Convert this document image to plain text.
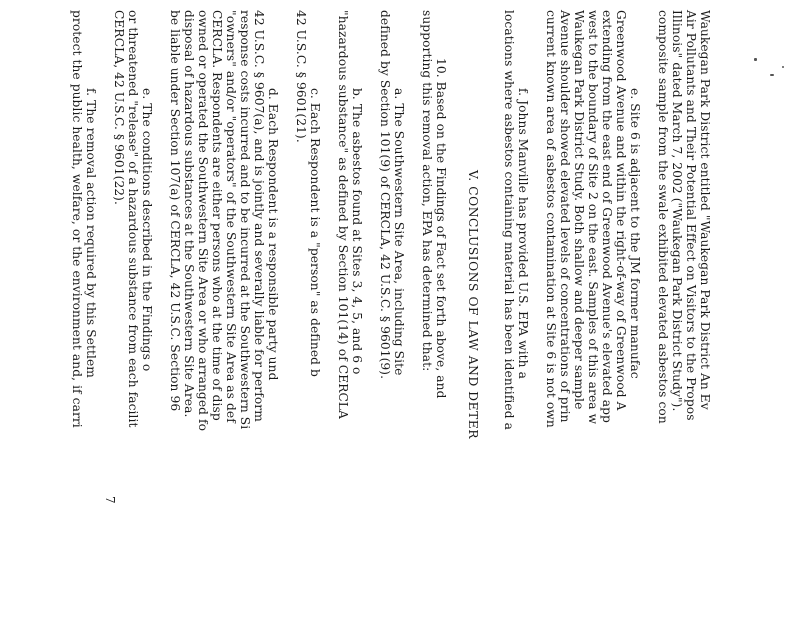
Waukegan Park District entitled "Waukegan Park District An Ev
Air Pollutants and Their Potential Effect on Visitors to the Propos
Illinois" dated March 7, 2002 ("Waukegan Park District Study").
composite sample from the swale exhibited elevated asbestos con
e. Site 6 is adjacent to the JM former manufac
Greenwood Avenue and within the right-of-way of Greenwood A
extending from the east end of Greenwood Avenue's elevated app
west to the boundary of Site 2 on the east. Samples of this area w
Waukegan Park District Study. Both shallow and deeper sample
Avenue shoulder showed elevated levels of concentrations of prin
current known area of asbestos contamination at Site 6 is not own
f. Johns Manville has provided U.S. EPA with a
locations where asbestos containing material has been identified a
V. CONCLUSIONS OF LAW AND DETER
10. Based on the Findings of Fact set forth above, and
supporting this removal action, EPA has determined that:
a. The Southwestern Site Area, including Site
defined by Section 101(9) of CERCLA, 42 U.S.C. § 9601(9).
b. The asbestos found at Sites 3, 4, 5, and 6 o
"hazardous substance" as defined by Section 101(14) of CERCLA
c. Each Respondent is a "person" as defined b
42 U.S.C. § 9601(21).
d. Each Respondent is a responsible party und
42 U.S.C. § 9607(a), and is jointly and severally liable for perform
response costs incurred and to be incurred at the Southwestern Si
"owners" and/or "operators" of the Southwestern Site Area as def
CERCLA. Respondents are either persons who at the time of disp
owned or operated the Southwestern Site Area or who arranged fo
disposal of hazardous substances at the Southwestern Site Area.
be liable under Section 107(a) of CERCLA, 42 U.S.C. Section 96
e. The conditions described in the Findings o
or threatened "release" of a hazardous substance from each facilit
CERCLA, 42 U.S.C. § 9601(22).
f. The removal action required by this Settlem
protect the public health, welfare, or the environment and, if carri
7
